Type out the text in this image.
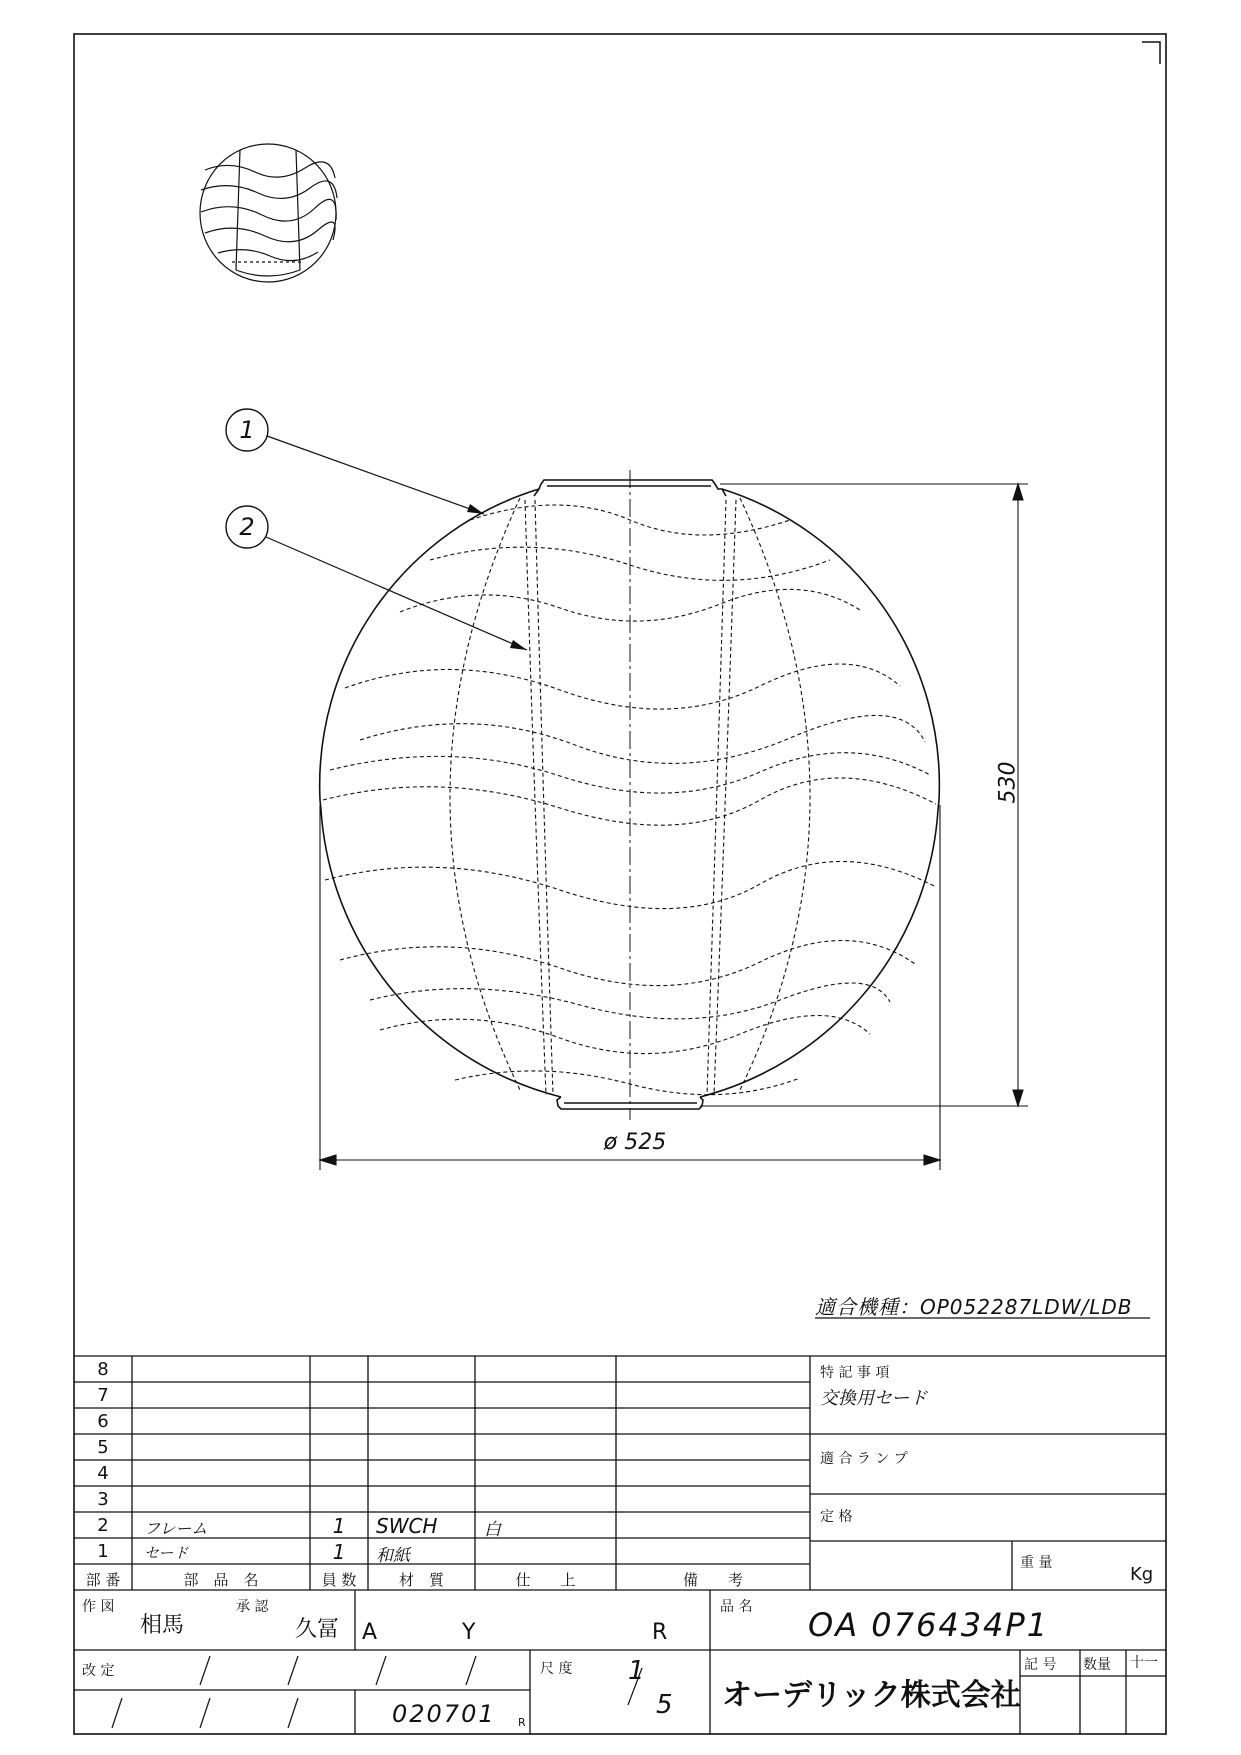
1
2
530
ø 525
適合機種：OP052287LDW/LDB
8
7
6
5
4
3
2	フレーム	1	SWCH	白
1	セード	1	和紙
部 番	部　品　名	員 数	材　質	仕　　上	備　　考
特 記 事 項
交換用セード
適 合 ラ ン プ
定 格
重 量
Kg
作 図
相馬
承 認
久冨 A	Y	R
改 定
020701 R
尺 度 1
5
品 名 OA 076434P1
オーデリック株式会社
記 号 数量 十一
